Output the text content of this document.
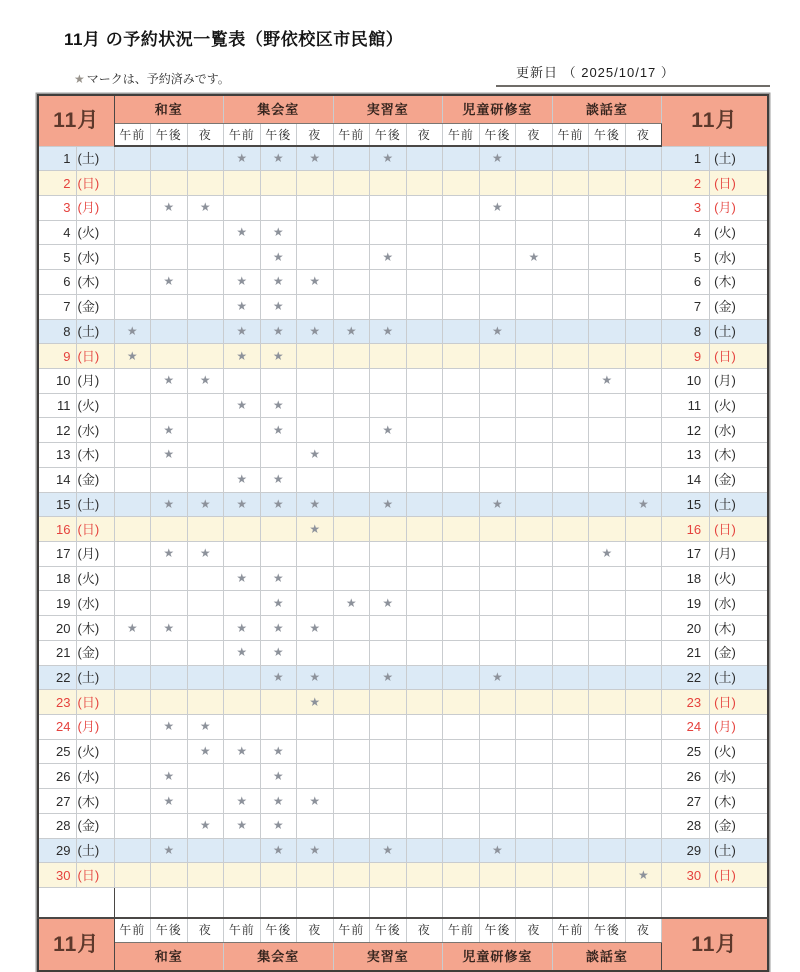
11月 の予約状況一覧表（野依校区市民館）
★ マークは、予約済みです。	更新日 （ 2025/10/17 ）
11月		和室			集会室			実習室			児童研修室			談話室			11月	
		午前	午後	夜	午前	午後	夜	午前	午後	夜	午前	午後	夜	午前	午後	夜		
1	(土)				★	★	★		★			★					1	(土)
2	(日)																2	(日)
3	(月)		★	★								★					3	(月)
4	(火)				★	★											4	(火)
5	(水)					★			★				★				5	(水)
6	(木)		★		★	★	★										6	(木)
7	(金)				★	★											7	(金)
8	(土)	★			★	★	★	★	★			★					8	(土)
9	(日)	★			★	★											9	(日)
10	(月)		★	★											★		10	(月)
11	(火)				★	★											11	(火)
12	(水)		★			★			★								12	(水)
13	(木)		★				★										13	(木)
14	(金)				★	★											14	(金)
15	(土)		★	★	★	★	★		★			★				★	15	(土)
16	(日)						★										16	(日)
17	(月)		★	★											★		17	(月)
18	(火)				★	★											18	(火)
19	(水)					★		★	★								19	(水)
20	(木)	★	★		★	★	★										20	(木)
21	(金)				★	★											21	(金)
22	(土)					★	★		★			★					22	(土)
23	(日)						★										23	(日)
24	(月)		★	★													24	(月)
25	(火)			★	★	★											25	(火)
26	(水)		★			★											26	(水)
27	(木)		★		★	★	★										27	(木)
28	(金)			★	★	★											28	(金)
29	(土)		★			★	★		★			★					29	(土)
30	(日)															★	30	(日)

11月		午前	午後	夜	午前	午後	夜	午前	午後	夜	午前	午後	夜	午前	午後	夜	11月	
		和室			集会室			実習室			児童研修室			談話室				
